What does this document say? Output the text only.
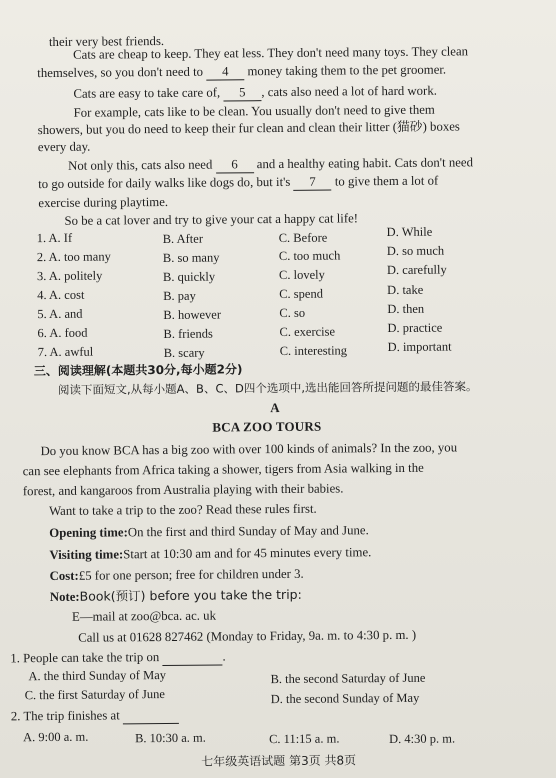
their very best friends.
Cats are cheap to keep. They eat less. They don't need many toys. They clean
themselves, so you don't need to 4 money taking them to the pet groomer.
Cats are easy to take care of, 5 , cats also need a lot of hard work.
For example, cats like to be clean. You usually don't need to give them
showers, but you do need to keep their fur clean and clean their litter (猫砂) boxes
every day.
Not only this, cats also need 6 and a healthy eating habit. Cats don't need
to go outside for daily walks like dogs do, but it's 7 to give them a lot of
exercise during playtime.
So be a cat lover and try to give your cat a happy cat life!
1. A. If	B. After	C. Before	D. While
2. A. too many	B. so many	C. too much	D. so much
3. A. politely	B. quickly	C. lovely	D. carefully
4. A. cost	B. pay	C. spend	D. take
5. A. and	B. however	C. so	D. then
6. A. food	B. friends	C. exercise	D. practice
7. A. awful	B. scary	C. interesting	D. important
三、阅读理解(本题共30分,每小题2分)
阅读下面短文,从每小题A、B、C、D四个选项中,选出能回答所提问题的最佳答案。
A
BCA ZOO TOURS
Do you know BCA has a big zoo with over 100 kinds of animals? In the zoo, you
can see elephants from Africa taking a shower, tigers from Asia walking in the
forest, and kangaroos from Australia playing with their babies.
Want to take a trip to the zoo? Read these rules first.
Opening time:On the first and third Sunday of May and June.
Visiting time:Start at 10:30 am and for 45 minutes every time.
Cost:£5 for one person; free for children under 3.
Note:Book(预订) before you take the trip:
E—mail at zoo@bca. ac. uk
Call us at 01628 827462 (Monday to Friday, 9a. m. to 4:30 p. m. )
1. People can take the trip on	.
A. the third Sunday of May	B. the second Saturday of June
C. the first Saturday of June	D. the second Sunday of May
2. The trip finishes at
A. 9:00 a. m.	B. 10:30 a. m.	C. 11:15 a. m.	D. 4:30 p. m.
七年级英语试题 第3页 共8页
